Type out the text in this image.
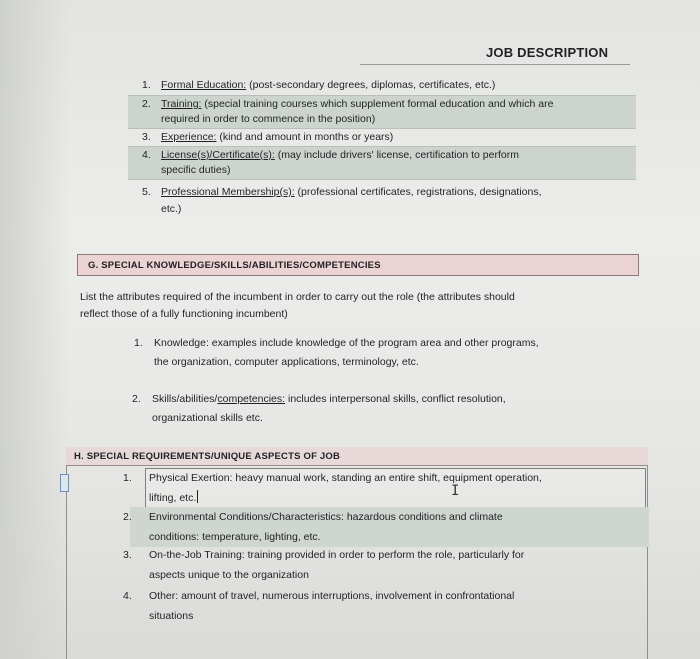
JOB DESCRIPTION
1. Formal Education: (post-secondary degrees, diplomas, certificates, etc.)
2. Training: (special training courses which supplement formal education and which are
required in order to commence in the position)
3. Experience: (kind and amount in months or years)
4. License(s)/Certificate(s): (may include drivers' license, certification to perform
specific duties)
5. Professional Membership(s): (professional certificates, registrations, designations,
etc.)
G. SPECIAL KNOWLEDGE/SKILLS/ABILITIES/COMPETENCIES
List the attributes required of the incumbent in order to carry out the role (the attributes should
reflect those of a fully functioning incumbent)
1. Knowledge: examples include knowledge of the program area and other programs,
the organization, computer applications, terminology, etc.
2. Skills/abilities/competencies: includes interpersonal skills, conflict resolution,
organizational skills etc.
H. SPECIAL REQUIREMENTS/UNIQUE ASPECTS OF JOB
1. Physical Exertion: heavy manual work, standing an entire shift, equipment operation,
lifting, etc.
2. Environmental Conditions/Characteristics: hazardous conditions and climate
conditions: temperature, lighting, etc.
3. On-the-Job Training: training provided in order to perform the role, particularly for
aspects unique to the organization
4. Other: amount of travel, numerous interruptions, involvement in confrontational
situations
I
